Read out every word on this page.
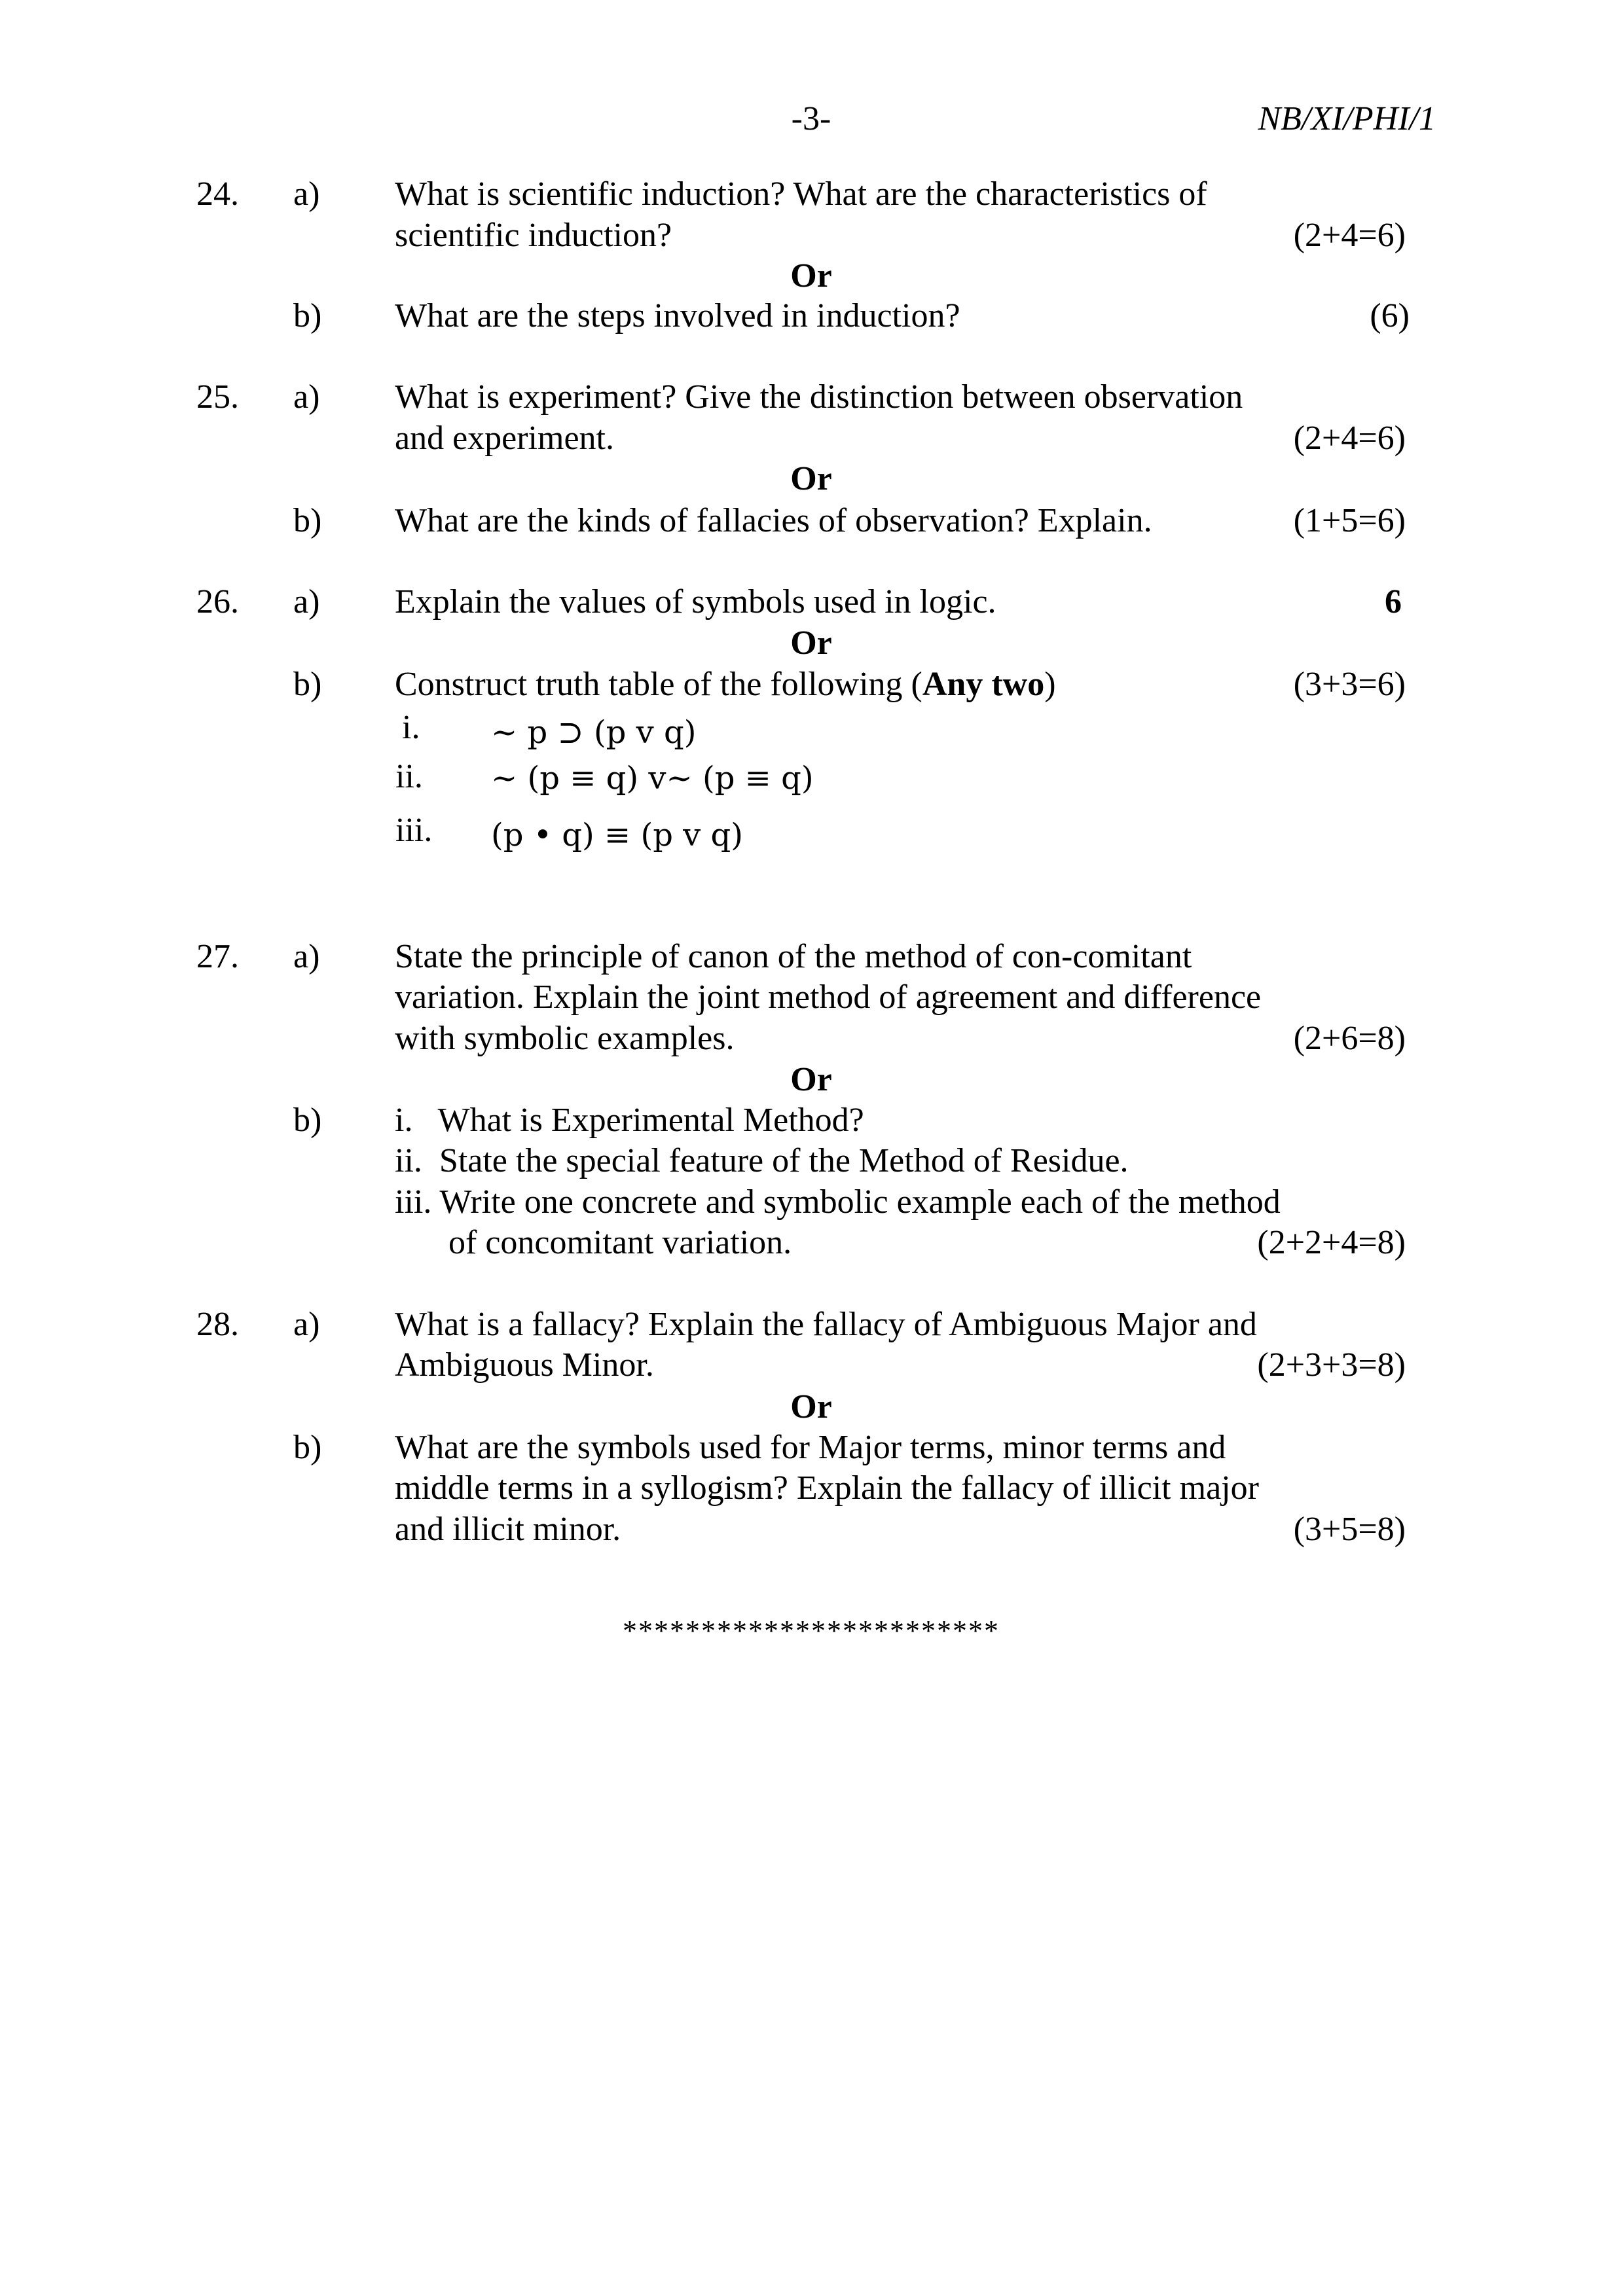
-3-	NB/XI/PHI/1
24. a) What is scientific induction? What are the characteristics of
scientific induction?	(2+4=6)
Or
b) What are the steps involved in induction?	(6)
25. a) What is experiment? Give the distinction between observation
and experiment.	(2+4=6)
Or
b) What are the kinds of fallacies of observation? Explain.	(1+5=6)
26. a) Explain the values of symbols used in logic.	6
Or
b) Construct truth table of the following (Any two)	(3+3=6)
i. ~ p ⊃ (p v q)
ii. ~ (p ≡ q) v~ (p ≡ q)
iii. (p • q) ≡ (p v q)
27. a) State the principle of canon of the method of con-comitant
variation. Explain the joint method of agreement and difference
with symbolic examples.	(2+6=8)
Or
b) i.   What is Experimental Method?
ii.  State the special feature of the Method of Residue.
iii. Write one concrete and symbolic example each of the method
of concomitant variation.	(2+2+4=8)
28. a) What is a fallacy? Explain the fallacy of Ambiguous Major and
Ambiguous Minor.	(2+3+3=8)
Or
b) What are the symbols used for Major terms, minor terms and
middle terms in a syllogism? Explain the fallacy of illicit major
and illicit minor.	(3+5=8)
************************
